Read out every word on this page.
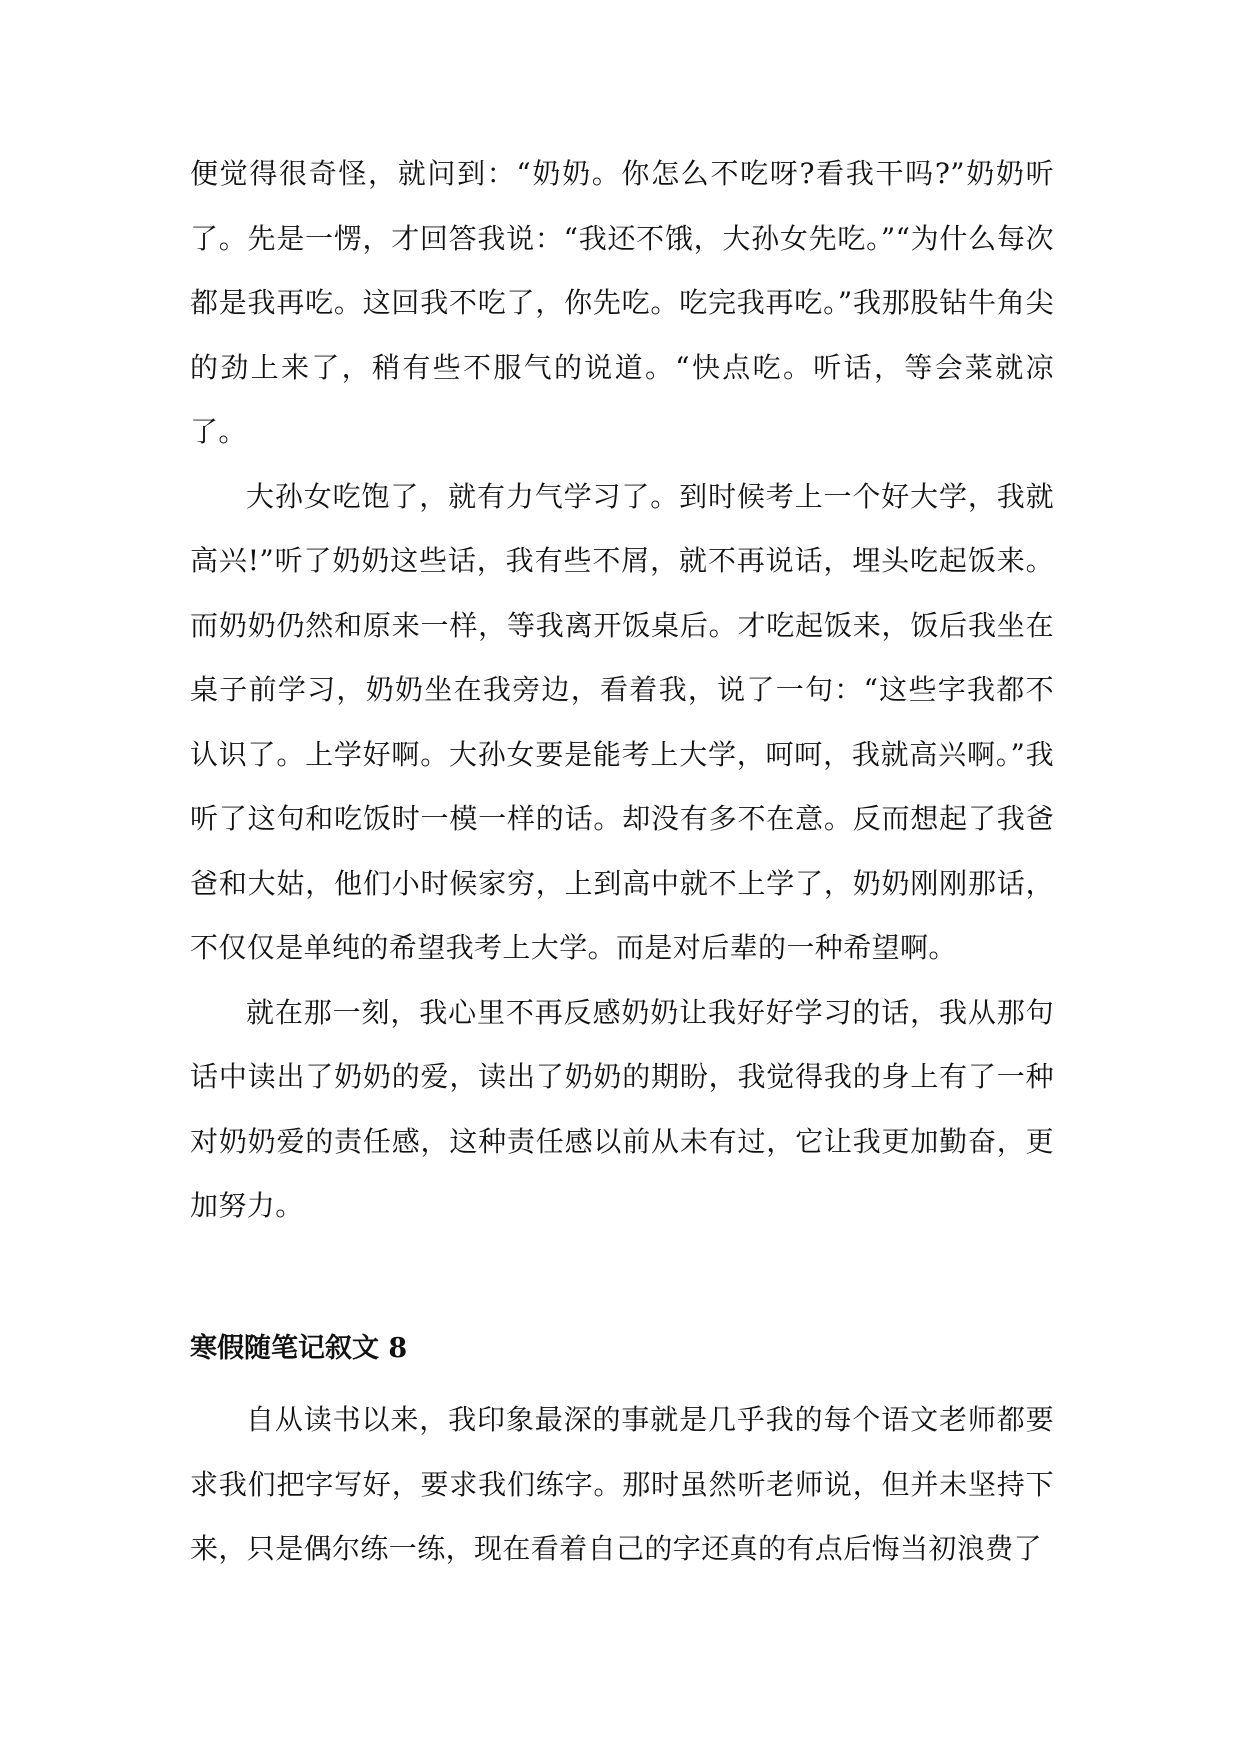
便觉得很奇怪，就问到：“奶奶。你怎么不吃呀?看我干吗?”奶奶听了。先是一愣，才回答我说：“我还不饿，大孙女先吃。”“为什么每次都是我再吃。这回我不吃了，你先吃。吃完我再吃。”我那股钻牛角尖的劲上来了，稍有些不服气的说道。“快点吃。听话，等会菜就凉了。

大孙女吃饱了，就有力气学习了。到时候考上一个好大学，我就高兴!”听了奶奶这些话，我有些不屑，就不再说话，埋头吃起饭来。而奶奶仍然和原来一样，等我离开饭桌后。才吃起饭来，饭后我坐在桌子前学习，奶奶坐在我旁边，看着我，说了一句：“这些字我都不认识了。上学好啊。大孙女要是能考上大学，呵呵，我就高兴啊。”我听了这句和吃饭时一模一样的话。却没有多不在意。反而想起了我爸爸和大姑，他们小时候家穷，上到高中就不上学了，奶奶刚刚那话，不仅仅是单纯的希望我考上大学。而是对后辈的一种希望啊。

就在那一刻，我心里不再反感奶奶让我好好学习的话，我从那句话中读出了奶奶的爱，读出了奶奶的期盼，我觉得我的身上有了一种对奶奶爱的责任感，这种责任感以前从未有过，它让我更加勤奋，更加努力。

寒假随笔记叙文 8

自从读书以来，我印象最深的事就是几乎我的每个语文老师都要求我们把字写好，要求我们练字。那时虽然听老师说，但并未坚持下来，只是偶尔练一练，现在看着自己的字还真的有点后悔当初浪费了
